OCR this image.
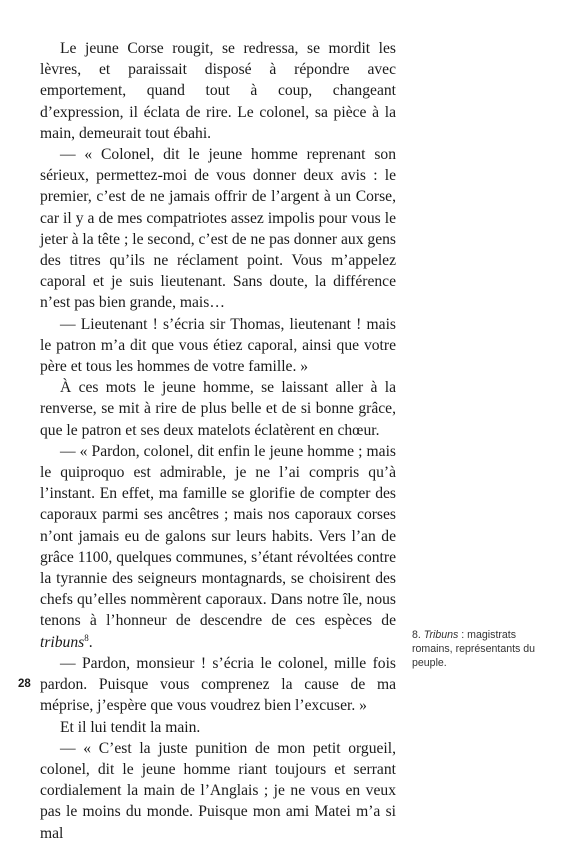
Le jeune Corse rougit, se redressa, se mordit les lèvres, et paraissait disposé à répondre avec emportement, quand tout à coup, changeant d’expression, il éclata de rire. Le colonel, sa pièce à la main, demeurait tout ébahi.

— « Colonel, dit le jeune homme reprenant son sérieux, permettez-moi de vous donner deux avis : le premier, c’est de ne jamais offrir de l’argent à un Corse, car il y a de mes compatriotes assez impolis pour vous le jeter à la tête ; le second, c’est de ne pas donner aux gens des titres qu’ils ne réclament point. Vous m’appelez caporal et je suis lieutenant. Sans doute, la différence n’est pas bien grande, mais…

— Lieutenant ! s’écria sir Thomas, lieutenant ! mais le patron m’a dit que vous étiez caporal, ainsi que votre père et tous les hommes de votre famille. »

À ces mots le jeune homme, se laissant aller à la renverse, se mit à rire de plus belle et de si bonne grâce, que le patron et ses deux matelots éclatèrent en chœur.

— « Pardon, colonel, dit enfin le jeune homme ; mais le quiproquo est admirable, je ne l’ai compris qu’à l’instant. En effet, ma famille se glorifie de compter des caporaux parmi ses ancêtres ; mais nos caporaux corses n’ont jamais eu de galons sur leurs habits. Vers l’an de grâce 1100, quelques communes, s’étant révoltées contre la tyrannie des seigneurs montagnards, se choisirent des chefs qu’elles nommèrent caporaux. Dans notre île, nous tenons à l’honneur de descendre de ces espèces de tribuns$^8$.

— Pardon, monsieur ! s’écria le colonel, mille fois pardon. Puisque vous comprenez la cause de ma méprise, j’espère que vous voudrez bien l’excuser. »

Et il lui tendit la main.

— « C’est la juste punition de mon petit orgueil, colonel, dit le jeune homme riant toujours et serrant cordialement la main de l’Anglais ; je ne vous en veux pas le moins du monde. Puisque mon ami Matei m’a si mal

8. Tribuns : magistrats romains, représentants du peuple.
28
